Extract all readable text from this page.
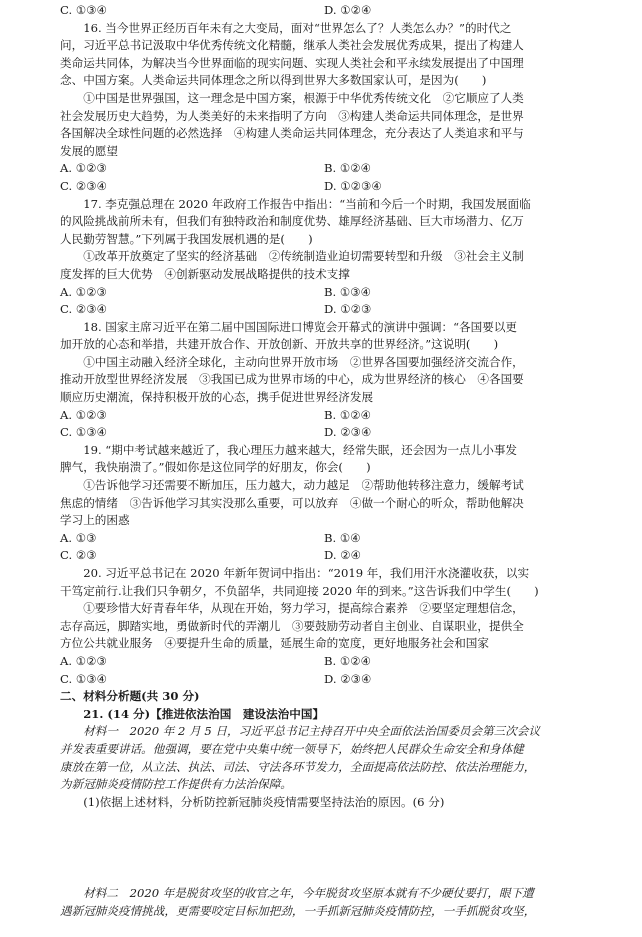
C. ①③④	D. ①②④
16. 当今世界正经历百年未有之大变局，面对“世界怎么了？人类怎么办？”的时代之
问，习近平总书记汲取中华优秀传统文化精髓，继承人类社会发展优秀成果，提出了构建人
类命运共同体，为解决当今世界面临的现实问题、实现人类社会和平永续发展提出了中国理
念、中国方案。人类命运共同体理念之所以得到世界大多数国家认可，是因为(　　)
①中国是世界强国，这一理念是中国方案，根源于中华优秀传统文化　②它顺应了人类
社会发展历史大趋势，为人类美好的未来指明了方向　③构建人类命运共同体理念，是世界
各国解决全球性问题的必然选择　④构建人类命运共同体理念，充分表达了人类追求和平与
发展的愿望
A. ①②③	B. ①②④
C. ②③④	D. ①②③④
17. 李克强总理在 2020 年政府工作报告中指出：“当前和今后一个时期，我国发展面临
的风险挑战前所未有，但我们有独特政治和制度优势、雄厚经济基础、巨大市场潜力、亿万
人民勤劳智慧。”下列属于我国发展机遇的是(　　)
①改革开放奠定了坚实的经济基础　②传统制造业迫切需要转型和升级　③社会主义制
度发挥的巨大优势　④创新驱动发展战略提供的技术支撑
A. ①②③	B. ①③④
C. ②③④	D. ①②③
18. 国家主席习近平在第二届中国国际进口博览会开幕式的演讲中强调：“各国要以更
加开放的心态和举措，共建开放合作、开放创新、开放共享的世界经济。”这说明(　　)
①中国主动融入经济全球化，主动向世界开放市场　②世界各国要加强经济交流合作，
推动开放型世界经济发展　③我国已成为世界市场的中心，成为世界经济的核心　④各国要
顺应历史潮流，保持积极开放的心态，携手促进世界经济发展
A. ①②③	B. ①②④
C. ①③④	D. ②③④
19. “期中考试越来越近了，我心理压力越来越大，经常失眠，还会因为一点儿小事发
脾气，我快崩溃了。”假如你是这位同学的好朋友，你会(　　)
①告诉他学习还需要不断加压，压力越大，动力越足　②帮助他转移注意力，缓解考试
焦虑的情绪　③告诉他学习其实没那么重要，可以放弃　④做一个耐心的听众，帮助他解决
学习上的困惑
A. ①③	B. ①④
C. ②③	D. ②④
20. 习近平总书记在 2020 年新年贺词中指出：“2019 年，我们用汗水浇灌收获，以实
干笃定前行.让我们只争朝夕，不负韶华，共同迎接 2020 年的到来。”这告诉我们中学生(　　)
①要珍惜大好青春年华，从现在开始，努力学习，提高综合素养　②要坚定理想信念，
志存高远，脚踏实地，勇做新时代的弄潮儿　③要鼓励劳动者自主创业、自谋职业，提供全
方位公共就业服务　④要提升生命的质量，延展生命的宽度，更好地服务社会和国家
A. ①②③	B. ①②④
C. ①③④	D. ②③④
二、材料分析题(共 30 分)
21. (14 分)【推进依法治国　建设法治中国】
材料一　2020 年 2 月 5 日，习近平总书记主持召开中央全面依法治国委员会第三次会议
并发表重要讲话。他强调，要在党中央集中统一领导下，始终把人民群众生命安全和身体健
康放在第一位，从立法、执法、司法、守法各环节发力，全面提高依法防控、依法治理能力，
为新冠肺炎疫情防控工作提供有力法治保障。
(1)依据上述材料，分析防控新冠肺炎疫情需要坚持法治的原因。(6 分)
材料二　2020 年是脱贫攻坚的收官之年，今年脱贫攻坚原本就有不少硬仗要打，眼下遭
遇新冠肺炎疫情挑战，更需要咬定目标加把劲，一手抓新冠肺炎疫情防控，一手抓脱贫攻坚，
